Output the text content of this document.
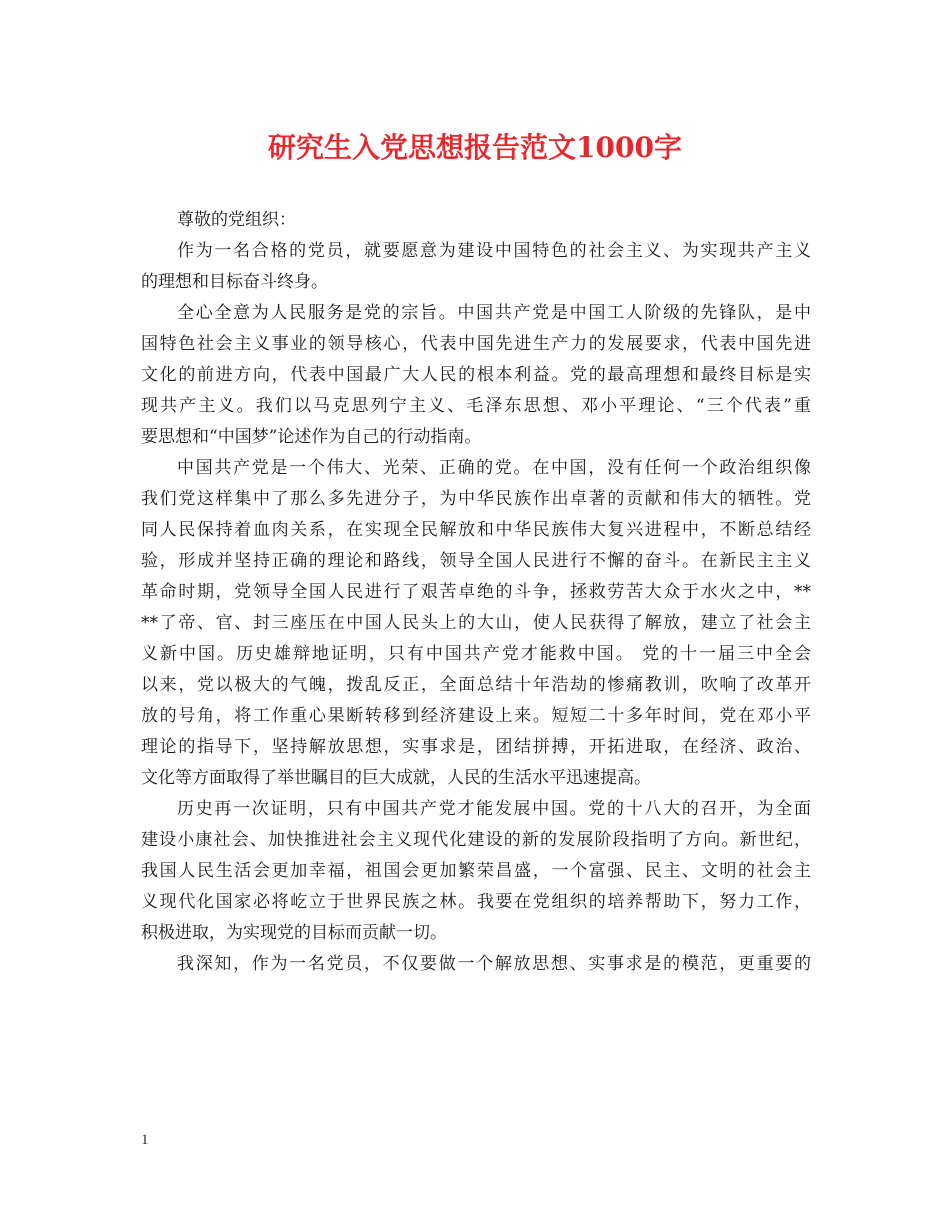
研究生入党思想报告范文1000字
尊敬的党组织：
作为一名合格的党员，就要愿意为建设中国特色的社会主义、为实现共产主义
的理想和目标奋斗终身。
全心全意为人民服务是党的宗旨。中国共产党是中国工人阶级的先锋队，是中
国特色社会主义事业的领导核心，代表中国先进生产力的发展要求，代表中国先进
文化的前进方向，代表中国最广大人民的根本利益。党的最高理想和最终目标是实
现共产主义。我们以马克思列宁主义、毛泽东思想、邓小平理论、“三个代表”重
要思想和“中国梦”论述作为自己的行动指南。
中国共产党是一个伟大、光荣、正确的党。在中国，没有任何一个政治组织像
我们党这样集中了那么多先进分子，为中华民族作出卓著的贡献和伟大的牺牲。党
同人民保持着血肉关系，在实现全民解放和中华民族伟大复兴进程中，不断总结经
验，形成并坚持正确的理论和路线，领导全国人民进行不懈的奋斗。在新民主主义
革命时期，党领导全国人民进行了艰苦卓绝的斗争，拯救劳苦大众于水火之中，**
**了帝、官、封三座压在中国人民头上的大山，使人民获得了解放，建立了社会主
义新中国。历史雄辩地证明，只有中国共产党才能救中国。 党的十一届三中全会
以来，党以极大的气魄，拨乱反正，全面总结十年浩劫的惨痛教训，吹响了改革开
放的号角，将工作重心果断转移到经济建设上来。短短二十多年时间，党在邓小平
理论的指导下，坚持解放思想，实事求是，团结拼搏，开拓进取，在经济、政治、
文化等方面取得了举世瞩目的巨大成就，人民的生活水平迅速提高。
历史再一次证明，只有中国共产党才能发展中国。党的十八大的召开，为全面
建设小康社会、加快推进社会主义现代化建设的新的发展阶段指明了方向。新世纪，
我国人民生活会更加幸福，祖国会更加繁荣昌盛，一个富强、民主、文明的社会主
义现代化国家必将屹立于世界民族之林。我要在党组织的培养帮助下，努力工作，
积极进取，为实现党的目标而贡献一切。
我深知，作为一名党员，不仅要做一个解放思想、实事求是的模范，更重要的
1
